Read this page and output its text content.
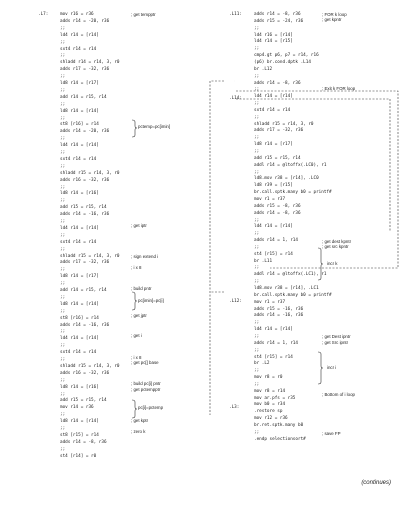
mov r16 = r36
adds r14 = -20, r36
;;
ld4 r14 = [r14]
;;
sxt4 r14 = r14
;;
shladd r14 = r14, 3, r0
adds r17 = -32, r36
;;
ld8 r14 = [r17]
;;
add r14 = r15, r14
;;
ld8 r14 = [r14]
;;
st8 [r16] = r14
adds r14 = -20, r36
;;
ld4 r14 = [r14]
;;
sxt4 r14 = r14
;;
shladd r15 = r14, 3, r0
adds r16 = -32, r36
;;
ld8 r14 = [r16]
;;
add r15 = r15, r14
adds r14 = -16, r36
;;
ld4 r14 = [r14]
;;
sxt4 r14 = r14
;;
shladd r15 = r14, 3, r0
adds r17 = -32, r36
;;
ld8 r14 = [r17]
;;
add r14 = r15, r14
;;
ld8 r14 = [r14]
;;
st8 [r16] = r14
adds r14 = -16, r36
;;
ld4 r14 = [r14]
;;
sxt4 r14 = r14
;;
shladd r15 = r14, 3, r0
adds r16 = -32, r36
;;
ld8 r14 = [r16]
;;
add r15 = r15, r14
mov r14 = r36
;;
ld8 r14 = [r14]
;;
st8 [r15] = r14
adds r14 = -8, r36
;;
st4 [r14] = r0
adds r14 = -8, r36
adds r15 = -24, r36
;;
ld4 r16 = [r14]
ld4 r14 = [r15]
;;
cmp4.gt p6, p7 = r14, r16
(p6) br.cond.dptk .L14
br .L12
;;
adds r14 = -8, r36
;;
ld4 r14 = [r14]
;;
sxt4 r14 = r14
;;
shladd r15 = r14, 3, r0
adds r17 = -32, r36
;;
ld8 r14 = [r17]
;;
add r15 = r15, r14
addl r14 = @ltoffx(.LC0), r1
;;
ld8.mov r38 = [r14], .LC0
ld8 r39 = [r15]
br.call.sptk.many b0 = printf#
mov r1 = r37
adds r15 = -8, r36
adds r14 = -8, r36
;;
ld4 r14 = [r14]
;;
adds r14 = 1, r14
;;
st4 [r15] = r14
br .L11
;;
addl r14 = @ltoffx(.LC1), r1
;;
ld8.mov r38 = [r14], .LC1
br.call.sptk.many b0 = printf#
mov r1 = r37
adds r15 = -16, r36
adds r14 = -16, r36
;;
ld4 r14 = [r14]
;;
adds r14 = 1, r14
;;
st4 [r15] = r14
br .L2
;;
mov r8 = r0
;;
mov r8 = r14
mov ar.pfs = r35
mov b0 = r34
.restore sp
mov r12 = r36
br.ret.sptk.many b0
;;
.endp selectionsort#
.L7:	.L11:
.L14:
.L12:
.L3:
; get tempptr
pctemp=pc[imin]
; get iptr
; sign extend i
; i x 8
; build pntr
pc[imin]=pc[i]
; get jptr
; get i
; i x 8
; get pc[] base
; build pc[i] pntr
; get pctempptr
pc[i]=pctemp
; get kptr
; zero k
; FOR k loop
; get kpntr
; Exit k FOR loop
; get dest kpntr
; get src kpntr
incr k
; get Dest ipntr
; get Src ipntr
incr i
; Bottom of i loop
; save FP
(continues)
